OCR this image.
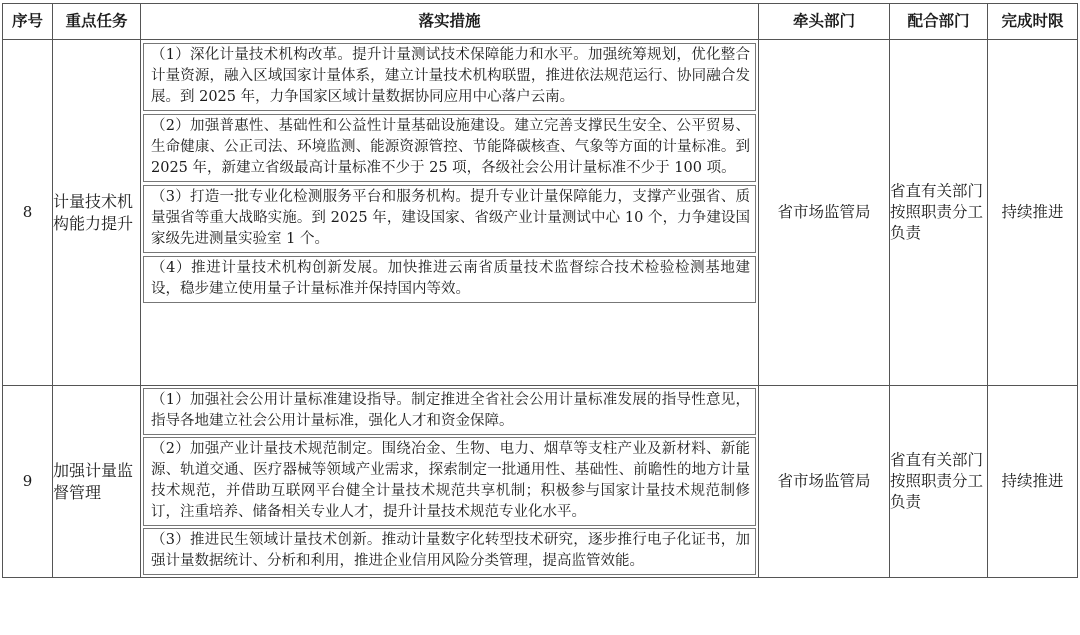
序号	重点任务	落实措施	牵头部门	配合部门	完成时限
8	计量技术机构能力提升	（1）深化计量技术机构改革。提升计量测试技术保障能力和水平。加强统筹规划，优化整合计量资源，融入区域国家计量体系，建立计量技术机构联盟，推进依法规范运行、协同融合发展。到 2025 年，力争国家区域计量数据协同应用中心落户云南。
（2）加强普惠性、基础性和公益性计量基础设施建设。建立完善支撑民生安全、公平贸易、生命健康、公正司法、环境监测、能源资源管控、节能降碳核查、气象等方面的计量标准。到 2025 年，新建立省级最高计量标准不少于 25 项，各级社会公用计量标准不少于 100 项。
（3）打造一批专业化检测服务平台和服务机构。提升专业计量保障能力，支撑产业强省、质量强省等重大战略实施。到 2025 年，建设国家、省级产业计量测试中心 10 个，力争建设国家级先进测量实验室 1 个。
（4）推进计量技术机构创新发展。加快推进云南省质量技术监督综合技术检验检测基地建设，稳步建立使用量子计量标准并保持国内等效。	省市场监管局	省直有关部门按照职责分工负责	持续推进
9	加强计量监督管理	（1）加强社会公用计量标准建设指导。制定推进全省社会公用计量标准发展的指导性意见，指导各地建立社会公用计量标准，强化人才和资金保障。
（2）加强产业计量技术规范制定。围绕冶金、生物、电力、烟草等支柱产业及新材料、新能源、轨道交通、医疗器械等领域产业需求，探索制定一批通用性、基础性、前瞻性的地方计量技术规范，并借助互联网平台健全计量技术规范共享机制；积极参与国家计量技术规范制修订，注重培养、储备相关专业人才，提升计量技术规范专业化水平。
（3）推进民生领域计量技术创新。推动计量数字化转型技术研究，逐步推行电子化证书，加强计量数据统计、分析和利用，推进企业信用风险分类管理，提高监管效能。	省市场监管局	省直有关部门按照职责分工负责	持续推进
